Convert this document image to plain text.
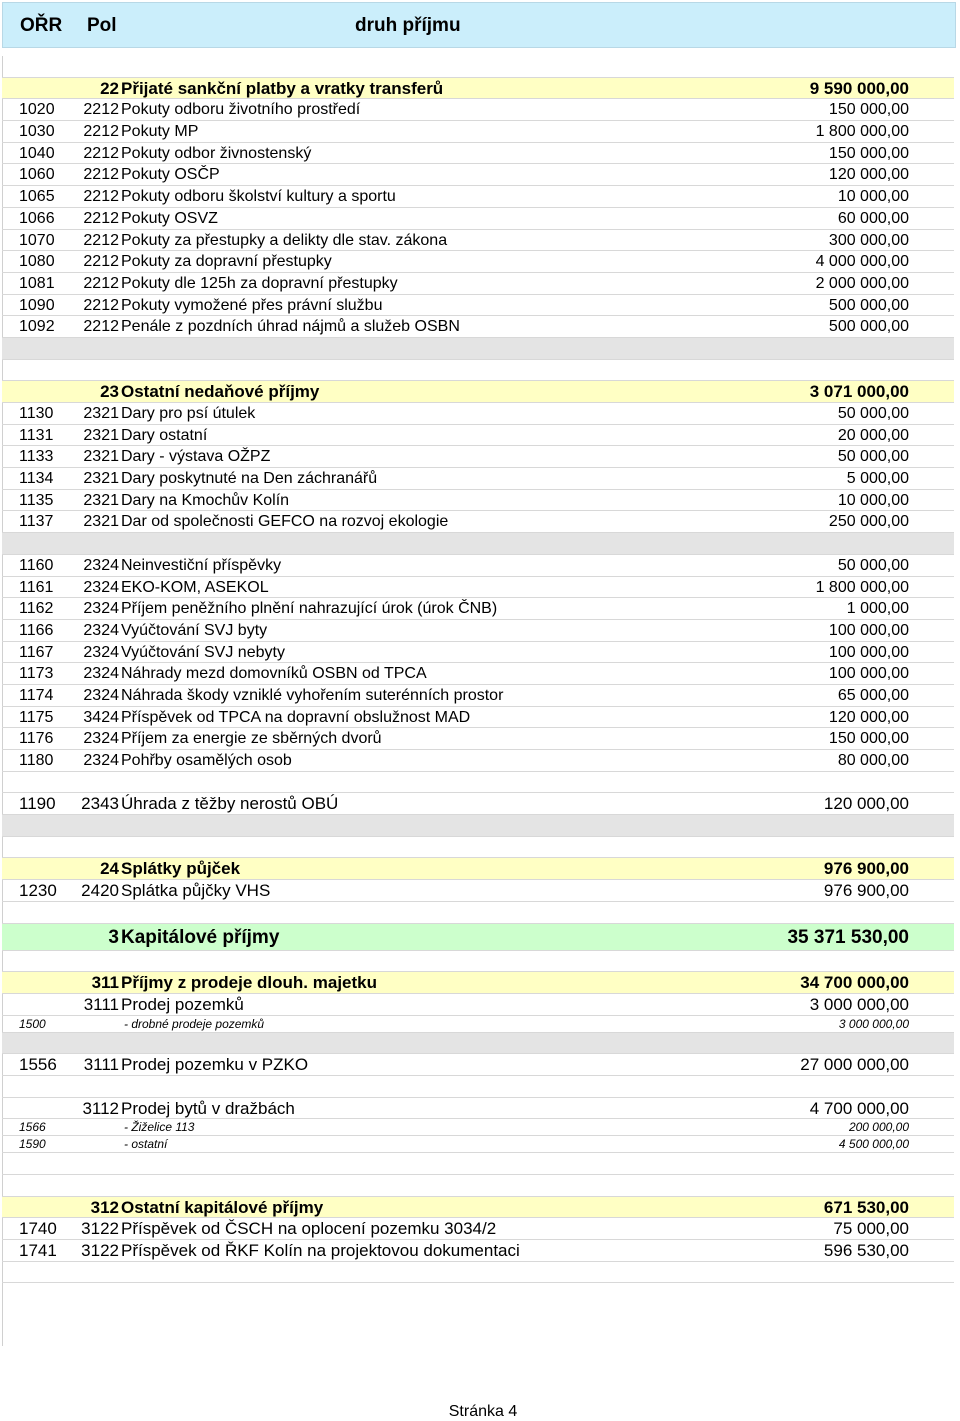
OŘR Pol	druh příjmu
22 Přijaté sankční platby a vratky transferů	9 590 000,00
1020 2212 Pokuty odboru životního prostředí	150 000,00
1030 2212 Pokuty MP	1 800 000,00
1040 2212 Pokuty odbor živnostenský	150 000,00
1060 2212 Pokuty OSČP	120 000,00
1065 2212 Pokuty odboru školství kultury a sportu	10 000,00
1066 2212 Pokuty OSVZ	60 000,00
1070 2212 Pokuty za přestupky a delikty dle stav. zákona	300 000,00
1080 2212 Pokuty za dopravní přestupky	4 000 000,00
1081 2212 Pokuty dle 125h za dopravní přestupky	2 000 000,00
1090 2212 Pokuty vymožené přes právní službu	500 000,00
1092 2212 Penále z pozdních úhrad nájmů a služeb OSBN	500 000,00
23 Ostatní nedaňové příjmy	3 071 000,00
1130 2321 Dary pro psí útulek	50 000,00
1131 2321 Dary ostatní	20 000,00
1133 2321 Dary - výstava OŽPZ	50 000,00
1134 2321 Dary poskytnuté na Den záchranářů	5 000,00
1135 2321 Dary na Kmochův Kolín	10 000,00
1137 2321 Dar od společnosti GEFCO na rozvoj ekologie	250 000,00
1160 2324 Neinvestiční příspěvky	50 000,00
1161 2324 EKO-KOM, ASEKOL	1 800 000,00
1162 2324 Příjem peněžního plnění nahrazující úrok (úrok ČNB)	1 000,00
1166 2324 Vyúčtování SVJ byty	100 000,00
1167 2324 Vyúčtování SVJ nebyty	100 000,00
1173 2324 Náhrady mezd domovníků OSBN od TPCA	100 000,00
1174 2324 Náhrada škody vzniklé vyhořením suterénních prostor	65 000,00
1175 3424 Příspěvek od TPCA na dopravní obslužnost MAD	120 000,00
1176 2324 Příjem za energie ze sběrných dvorů	150 000,00
1180 2324 Pohřby osamělých osob	80 000,00
1190 2343 Úhrada z těžby nerostů OBÚ	120 000,00
24 Splátky půjček	976 900,00
1230 2420 Splátka půjčky VHS	976 900,00
3 Kapitálové příjmy	35 371 530,00
311 Příjmy z prodeje dlouh. majetku	34 700 000,00
3111 Prodej pozemků	3 000 000,00
1500	- drobné prodeje pozemků	3 000 000,00
1556 3111 Prodej pozemku v PZKO	27 000 000,00
3112 Prodej bytů v dražbách	4 700 000,00
1566	- Žiželice 113	200 000,00
1590	- ostatní	4 500 000,00
312 Ostatní kapitálové příjmy	671 530,00
1740 3122 Příspěvek od ČSCH na oplocení pozemku 3034/2	75 000,00
1741 3122 Příspěvek od ŘKF Kolín na projektovou dokumentaci	596 530,00
Stránka 4
